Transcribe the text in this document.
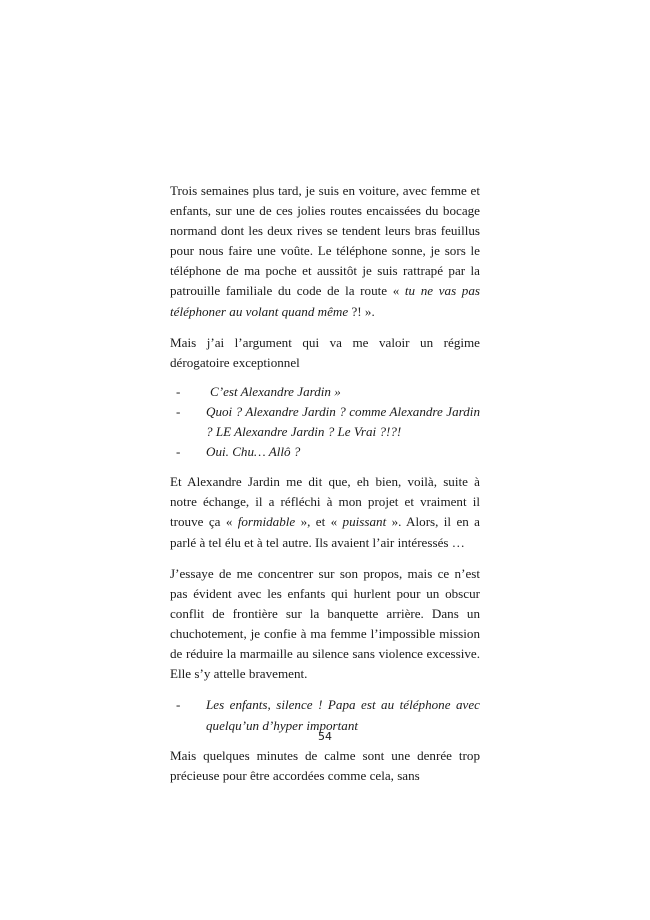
Trois semaines plus tard, je suis en voiture, avec femme et enfants, sur une de ces jolies routes encaissées du bocage normand dont les deux rives se tendent leurs bras feuillus pour nous faire une voûte. Le téléphone sonne, je sors le téléphone de ma poche et aussitôt je suis rattrapé par la patrouille familiale du code de la route « tu ne vas pas téléphoner au volant quand même ?! ».

Mais j’ai l’argument qui va me valoir un régime dérogatoire exceptionnel

- C’est Alexandre Jardin »
- Quoi ? Alexandre Jardin ? comme Alexandre Jardin ? LE Alexandre Jardin ? Le Vrai ?!?!
- Oui. Chu… Allô ?

Et Alexandre Jardin me dit que, eh bien, voilà, suite à notre échange, il a réfléchi à mon projet et vraiment il trouve ça « formidable », et « puissant ». Alors, il en a parlé à tel élu et à tel autre. Ils avaient l’air intéressés …

J’essaye de me concentrer sur son propos, mais ce n’est pas évident avec les enfants qui hurlent pour un obscur conflit de frontière sur la banquette arrière. Dans un chuchotement, je confie à ma femme l’impossible mission de réduire la marmaille au silence sans violence excessive. Elle s’y attelle bravement.

- Les enfants, silence ! Papa est au téléphone avec quelqu’un d’hyper important

Mais quelques minutes de calme sont une denrée trop précieuse pour être accordées comme cela, sans

54
